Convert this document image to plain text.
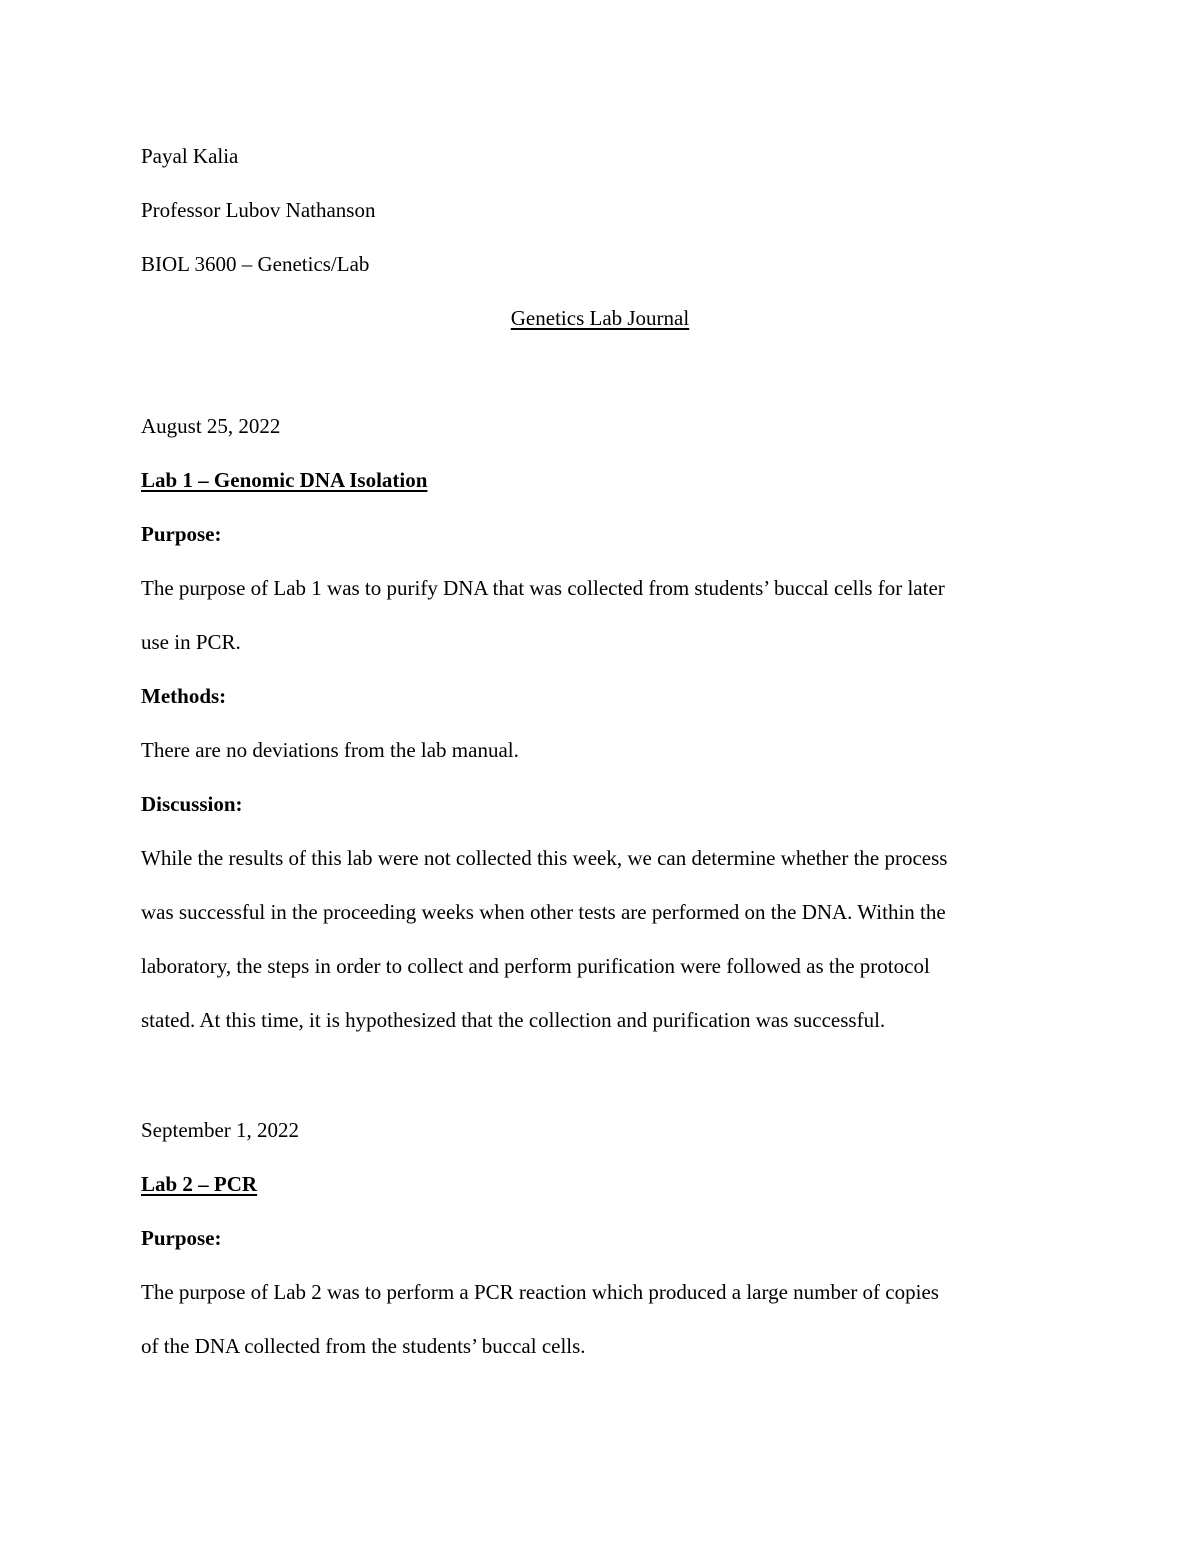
Payal Kalia
Professor Lubov Nathanson
BIOL 3600 – Genetics/Lab
Genetics Lab Journal
August 25, 2022
Lab 1 – Genomic DNA Isolation
Purpose:
The purpose of Lab 1 was to purify DNA that was collected from students’ buccal cells for later
use in PCR.
Methods:
There are no deviations from the lab manual.
Discussion:
While the results of this lab were not collected this week, we can determine whether the process
was successful in the proceeding weeks when other tests are performed on the DNA. Within the
laboratory, the steps in order to collect and perform purification were followed as the protocol
stated. At this time, it is hypothesized that the collection and purification was successful.
September 1, 2022
Lab 2 – PCR
Purpose:
The purpose of Lab 2 was to perform a PCR reaction which produced a large number of copies
of the DNA collected from the students’ buccal cells.
